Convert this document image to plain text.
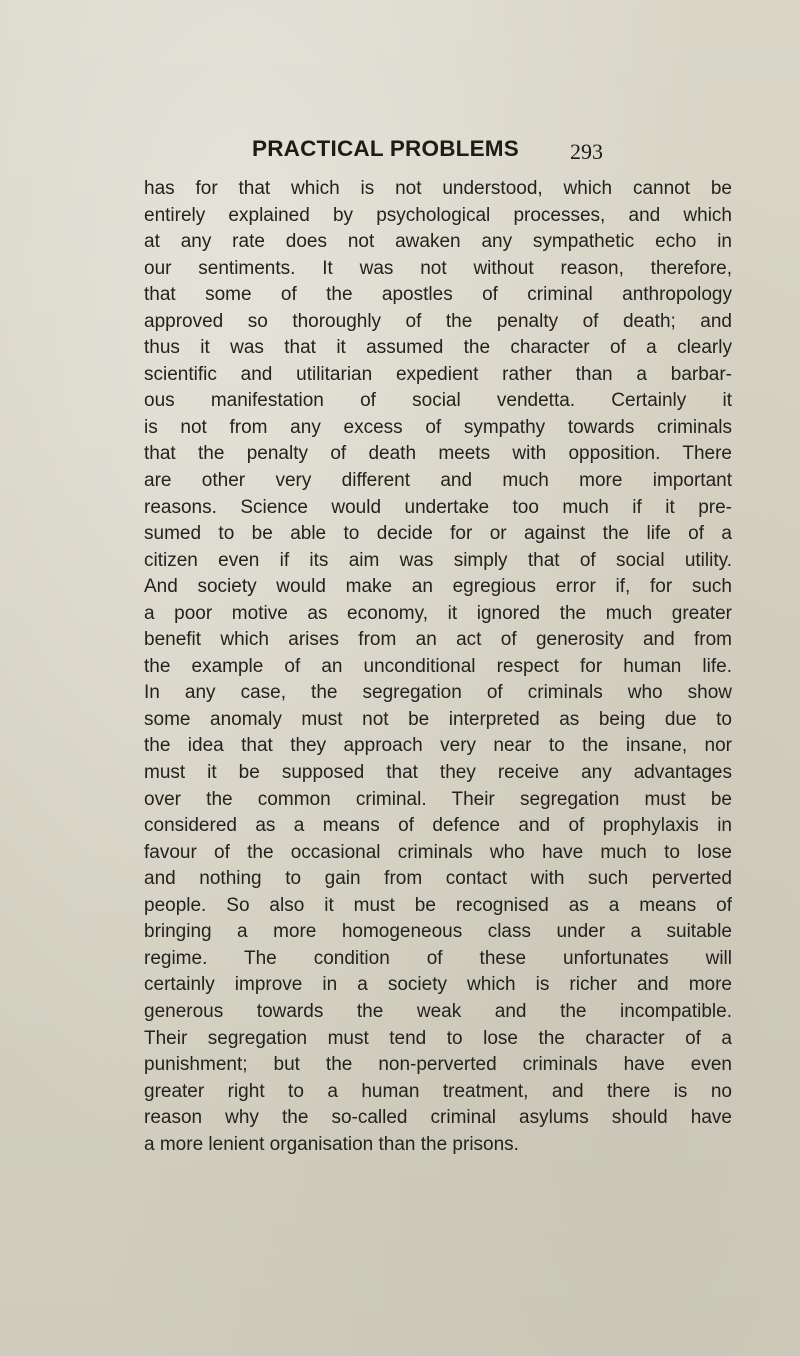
PRACTICAL PROBLEMS 293
has for that which is not understood, which cannot be
entirely explained by psychological processes, and which
at any rate does not awaken any sympathetic echo in
our sentiments. It was not without reason, therefore,
that some of the apostles of criminal anthropology
approved so thoroughly of the penalty of death; and
thus it was that it assumed the character of a clearly
scientific and utilitarian expedient rather than a barbar-
ous manifestation of social vendetta. Certainly it
is not from any excess of sympathy towards criminals
that the penalty of death meets with opposition. There
are other very different and much more important
reasons. Science would undertake too much if it pre-
sumed to be able to decide for or against the life of a
citizen even if its aim was simply that of social utility.
And society would make an egregious error if, for such
a poor motive as economy, it ignored the much greater
benefit which arises from an act of generosity and from
the example of an unconditional respect for human life.
In any case, the segregation of criminals who show
some anomaly must not be interpreted as being due to
the idea that they approach very near to the insane, nor
must it be supposed that they receive any advantages
over the common criminal. Their segregation must be
considered as a means of defence and of prophylaxis in
favour of the occasional criminals who have much to lose
and nothing to gain from contact with such perverted
people. So also it must be recognised as a means of
bringing a more homogeneous class under a suitable
regime. The condition of these unfortunates will
certainly improve in a society which is richer and more
generous towards the weak and the incompatible.
Their segregation must tend to lose the character of a
punishment; but the non-perverted criminals have even
greater right to a human treatment, and there is no
reason why the so-called criminal asylums should have
a more lenient organisation than the prisons.
